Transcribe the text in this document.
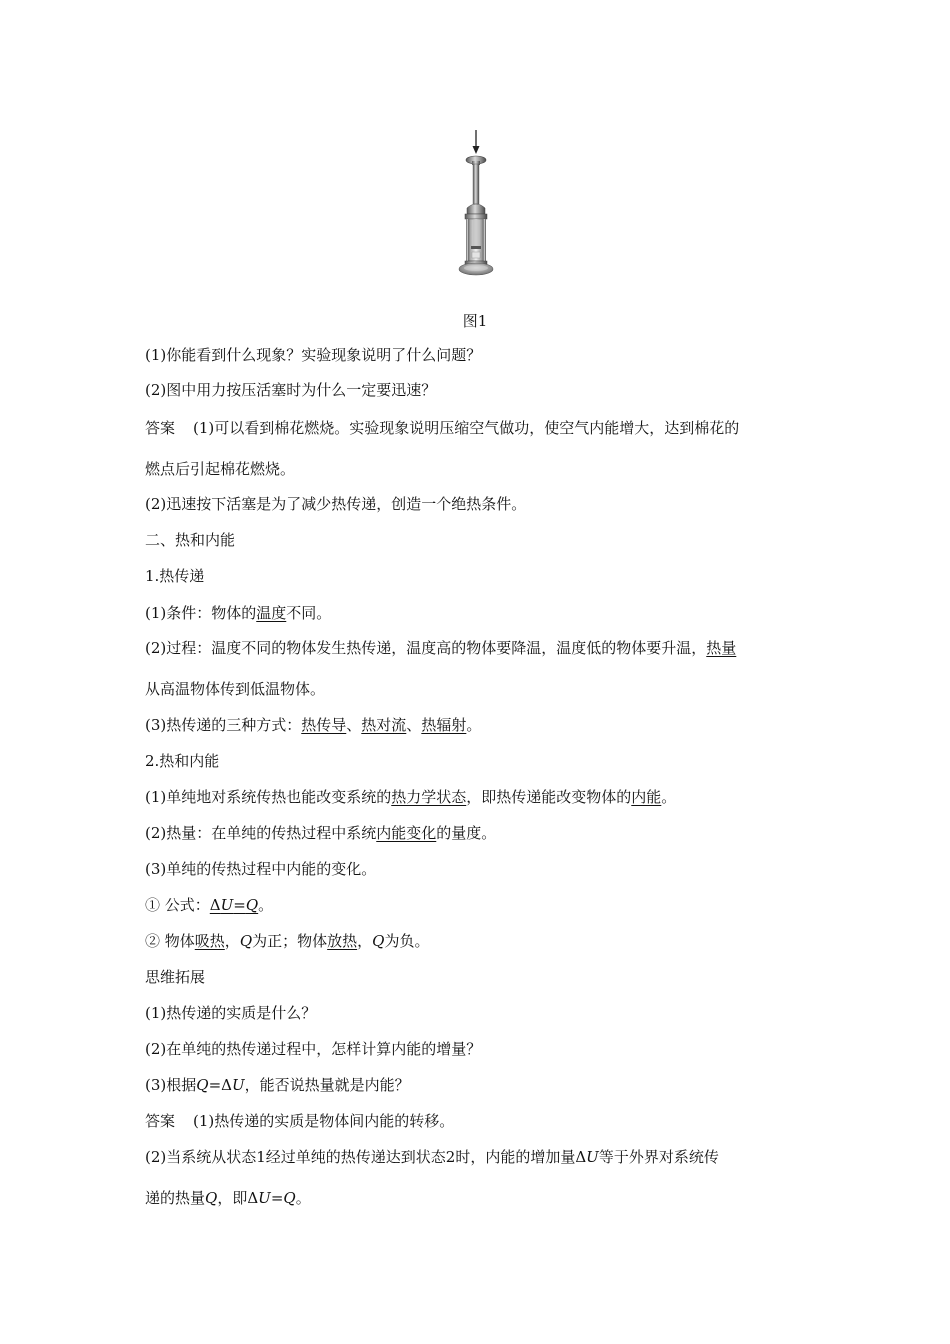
图1
(1)你能看到什么现象？实验现象说明了什么问题？
(2)图中用力按压活塞时为什么一定要迅速？
答案 (1)可以看到棉花燃烧。实验现象说明压缩空气做功，使空气内能增大，达到棉花的
燃点后引起棉花燃烧。
(2)迅速按下活塞是为了减少热传递，创造一个绝热条件。
二、热和内能
1.热传递
(1)条件：物体的温度不同。
(2)过程：温度不同的物体发生热传递，温度高的物体要降温，温度低的物体要升温，热量
从高温物体传到低温物体。
(3)热传递的三种方式：热传导、热对流、热辐射。
2.热和内能
(1)单纯地对系统传热也能改变系统的热力学状态，即热传递能改变物体的内能。
(2)热量：在单纯的传热过程中系统内能变化的量度。
(3)单纯的传热过程中内能的变化。
① 公式：ΔU=Q。
② 物体吸热，Q为正；物体放热，Q为负。
思维拓展
(1)热传递的实质是什么？
(2)在单纯的热传递过程中，怎样计算内能的增量？
(3)根据Q=ΔU，能否说热量就是内能？
答案 (1)热传递的实质是物体间内能的转移。
(2)当系统从状态1经过单纯的热传递达到状态2时，内能的增加量ΔU等于外界对系统传
递的热量Q，即ΔU=Q。
